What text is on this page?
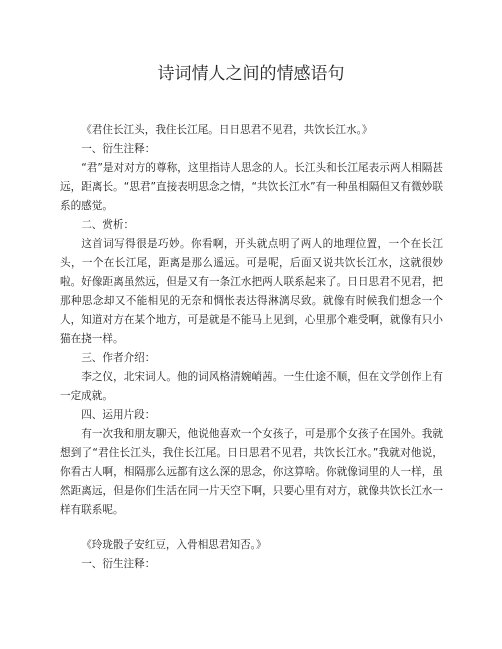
诗词情人之间的情感语句

《君住长江头，我住长江尾。日日思君不见君，共饮长江水。》

一、衍生注释：

“君”是对对方的尊称，这里指诗人思念的人。长江头和长江尾表示两人相隔甚远，距离长。“思君”直接表明思念之情，“共饮长江水”有一种虽相隔但又有微妙联系的感觉。

二、赏析：

这首词写得很是巧妙。你看啊，开头就点明了两人的地理位置，一个在长江头，一个在长江尾，距离是那么遥远。可是呢，后面又说共饮长江水，这就很妙啦。好像距离虽然远，但是又有一条江水把两人联系起来了。日日思君不见君，把那种思念却又不能相见的无奈和惆怅表达得淋漓尽致。就像有时候我们想念一个人，知道对方在某个地方，可是就是不能马上见到，心里那个难受啊，就像有只小猫在挠一样。

三、作者介绍：

李之仪，北宋词人。他的词风格清婉峭茜。一生仕途不顺，但在文学创作上有一定成就。

四、运用片段：

有一次我和朋友聊天，他说他喜欢一个女孩子，可是那个女孩子在国外。我就想到了“君住长江头，我住长江尾。日日思君不见君，共饮长江水。”我就对他说，你看古人啊，相隔那么远都有这么深的思念，你这算啥。你就像词里的人一样，虽然距离远，但是你们生活在同一片天空下啊，只要心里有对方，就像共饮长江水一样有联系呢。

《玲珑骰子安红豆，入骨相思君知否。》

一、衍生注释：
